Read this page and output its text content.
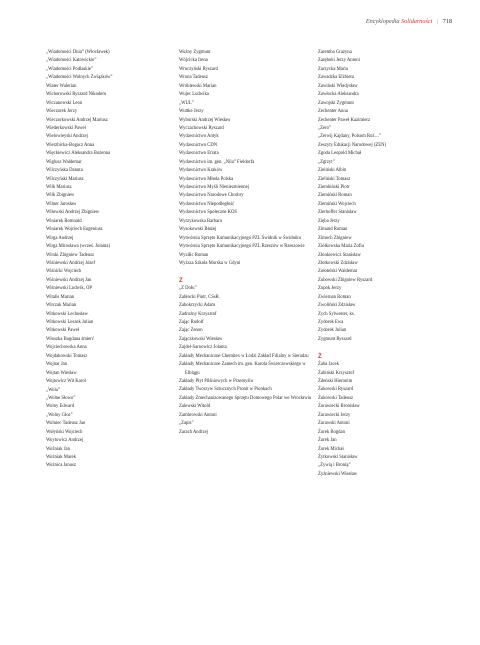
Encyklopedia Solidarności | 718
„Wiadomości Dnia” (Włocławek)
„Wiadomości Katowickie”
„Wiadomości Podlaskie”
„Wiadomości Wolnych Związków”
Wiater Walerian
Wichorowski Ryszard Nikodem
Wiczanowski Leon
Wieczorek Jerzy
Wieczorkowski Andrzej Mariusz
Wiederkowski Paweł
Wielowieyski Andrzej
Wierzbicka-Bogacz Anna
Więckiewicz Aleksandra Bożenna
Wiglusz Waldemar
Wilczyńska Danuta
Wilczyński Mariusz
Wilk Mariusz
Wilk Zbigniew
Wilner Jarosław
Wiłowski Andrzej Zbigniew
Winiarek Romuald
Winiarek Wojciech Eugeniusz
Wirga Andrzej
Wirga Mirosława (wcześ. Jolanta)
Wirski Zbigniew Tadeusz
Wiśniewski Andrzej Józef
Wiśnicki Wojciech
Wiśniewski Andrzej Jan
Wiśniewski Ludwik, OP
Witalis Marian
Witczak Marian
Witkowski Lechosław
Witkowski Leszek Julian
Witkowski Paweł
Włoszka Bogdana śmierć
Wojciechowska Anna
Wojdakowski Tomasz
Wojnar Jan
Wojtan Wiesław
Wojtowicz Wit Karol
„Wola”
„Wolne Słowo”
Wolny Edward
„Wolny Głos”
Wolniec Tadeusz Jan
Wołyński Wojciech
Woytowicz Andrzej
Woźniak Jan
Woźniak Marek
Woźnica Janusz
Woźny Zygmunt
Wójcicka Irena
Wroczyński Ryszard
Wrona Tadeusz
Wróblewski Marian
Wujec Ludwika
„WUL”
Wuttke Jerzy
Wyborski Andrzej Wiesław
Wyczachowski Ryszard
Wydawnictwo Antyk
Wydawnictwo CDN
Wydawnictwo Errata
Wydawnictwo im. gen. „Nila” Fieldorfa
Wydawnictwo Kraków
Wydawnictwo Młoda Polska
Wydawnictwo Myśli Nieniezmiennej
Wydawnictwo Narodowe Chrobry
Wydawnictwo Niepodległość
Wydawnictwo Społeczne KOS
Wyrzykowska Barbara
Wysokowski Błażej
Wytwórnia Sprzętu Komunikacyjnego PZL Świdnik w Świdniku
Wytwórnia Sprzętu Komunikacyjnego PZL Rzeszów w Rzeszowie
Wyziłic Roman
Wyższa Szkoła Morska w Gdyni
Z
„Z Dołu”
Zabłocki Piotr, CSsR.
Zabokrzycki Adam
Zadrożny Krzysztof
Zając Rudolf
Zając Zenon
Zajączkowski Wiesław
Zajdel-Sarnowicz Jolanta
Zakłady Mechaniczne Chemitex w Łodzi Zakład Filialny w Sieradzu
Zakłady Mechaniczne Zamech im. gen. Karola Świerczewskiego w Elblągu
Zakłady Płyt Pilśniowych w Przemyślu
Zakłady Tworzyw Sztucznych Pronit w Pionkach
Zakłady Zmechanizowanego Sprzętu Domowego Polar we Wrocławiu
Zalewski Witold
Zambrowski Antoni
„Zapis”
Zarach Andrzej
Zaremba Grażyna
Zaręboki Jerzy Antoni
Zarzycka Maria
Zawadzka Elżbieta
Zawiński Władysław
Zawłocka Aleksandra
Zawojski Zygmunt
Zechenter Anna
Zechenter Paweł Kazimierz
„Zero”
„Zerwij Kajdany, Polsom Roż…”
Zeszyty Edukacji Narodowej (ZEN)
Zgoda Leopold Michał
„Zgrzyt”
Zieliński Albin
Zieliński Tomasz
Ziembiński Piotr
Ziemiński Roman
Ziemiński Wojciech
Zierhoffer Stanisław
Zięba Jerzy
Zimand Roman
Zimoch Zbigniew
Ziółkowska Maria Zofia
Złonkiewicz Stanisław
Złotkowski Zdzisław
Zołotelski Waldemar
Zubowski Zbigniew Ryszard
Zupok Jerzy
Zwiernan Roman
Zwoliński Zdzisław
Zych Sylwester, ks.
Zydorek Ewa
Zydorek Julian
Zygmunt Ryszard
Ż
Żaba Jacek
Żabiński Krzysztof
Żdeński Hieronim
Żukowski Ryszard
Żukowski Tadeusz
Żurawiecki Bronisław
Żurawiecki Jerzy
Żurawski Antoni
Żurek Bogdan
Żurek Jan
Żurek Michał
Żytkowski Stanisław
„Żywią i Bronią”
Żyźniewski Wiesław
